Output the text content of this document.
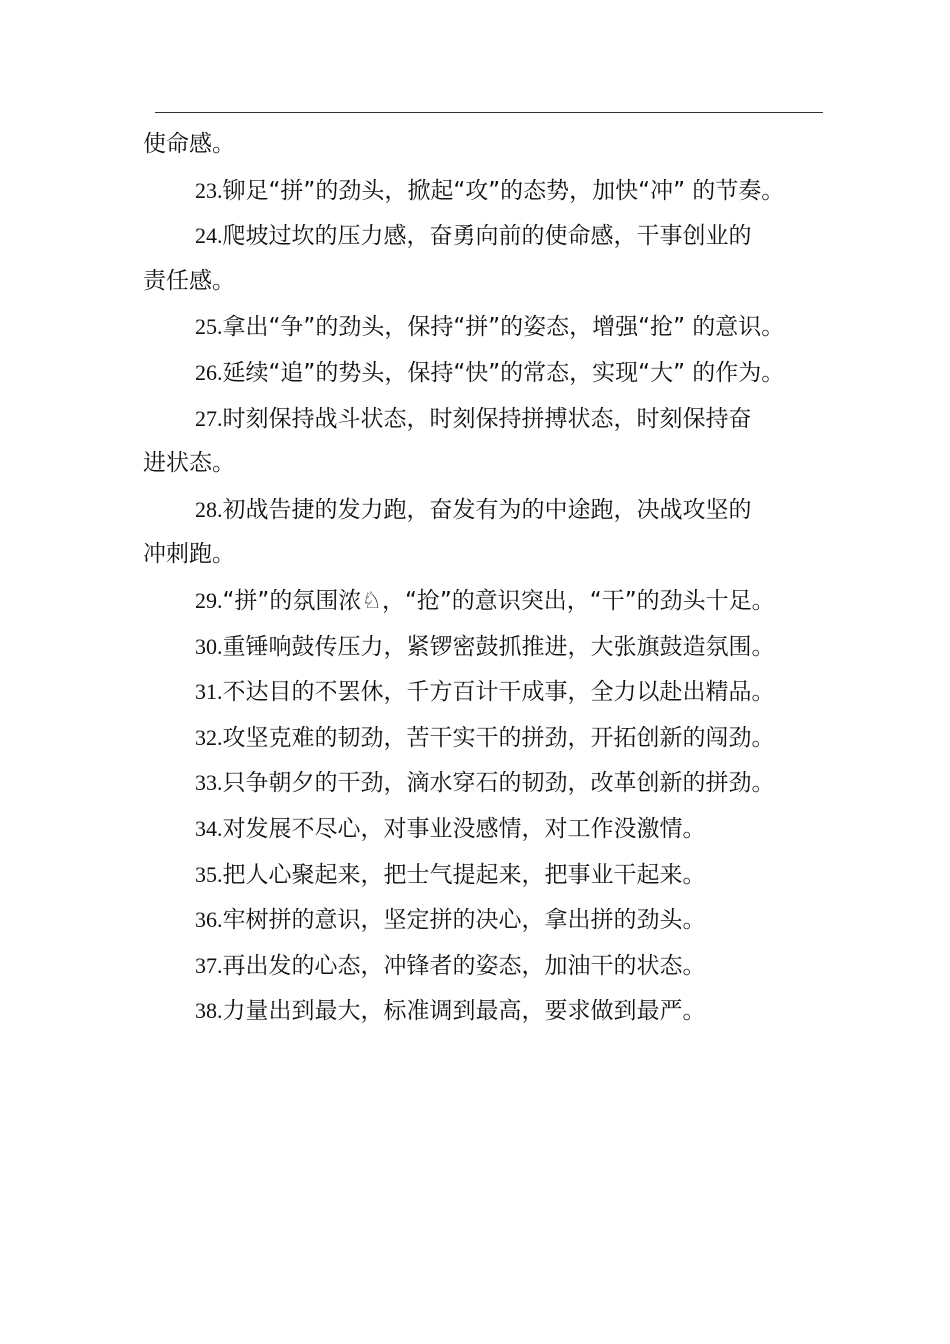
使命感。
23.铆足“拼”的劲头，掀起“攻”的态势，加快“冲” 的节奏。
24.爬坡过坎的压力感，奋勇向前的使命感，干事创业的
责任感。
25.拿出“争”的劲头，保持“拼”的姿态，增强“抢” 的意识。
26.延续“追”的势头，保持“快”的常态，实现“大” 的作为。
27.时刻保持战斗状态，时刻保持拼搏状态，时刻保持奋
进状态。
28.初战告捷的发力跑，奋发有为的中途跑，决战攻坚的
冲刺跑。
29.“拼”的氛围浓♘，“抢”的意识突出，“干”的劲头十足。
30.重锤响鼓传压力，紧锣密鼓抓推进，大张旗鼓造氛围。
31.不达目的不罢休，千方百计干成事，全力以赴出精品。
32.攻坚克难的韧劲，苦干实干的拼劲，开拓创新的闯劲。
33.只争朝夕的干劲，滴水穿石的韧劲，改革创新的拼劲。
34.对发展不尽心，对事业没感情，对工作没激情。
35.把人心聚起来，把士气提起来，把事业干起来。
36.牢树拼的意识，坚定拼的决心，拿出拼的劲头。
37.再出发的心态，冲锋者的姿态，加油干的状态。
38.力量出到最大，标准调到最高，要求做到最严。
